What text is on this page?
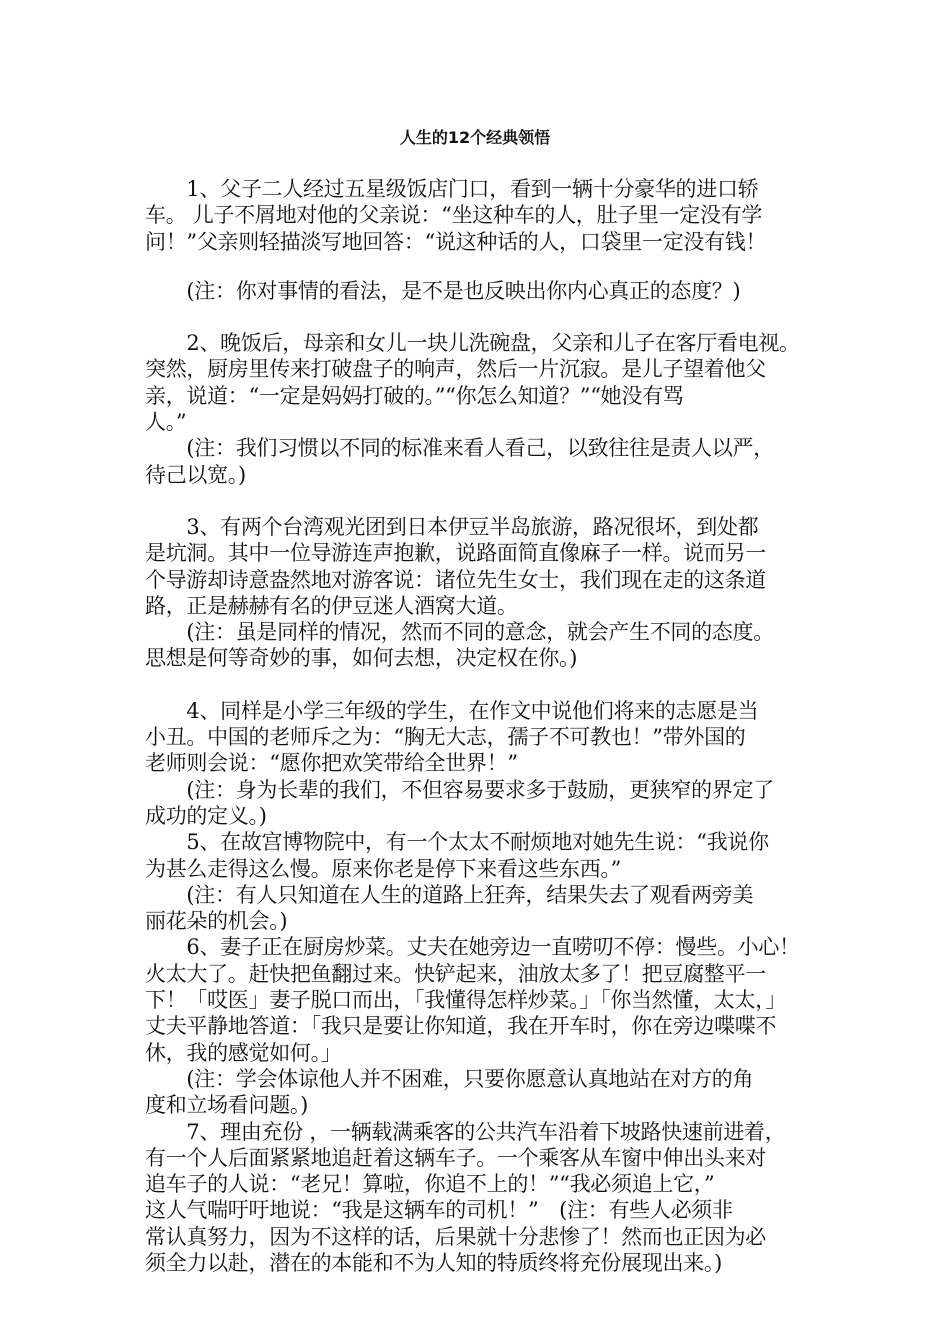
人生的12个经典领悟

　　1、父子二人经过五星级饭店门口，看到一辆十分豪华的进口轿
车。 儿子不屑地对他的父亲说：“坐这种车的人，肚子里一定没有学
问！”父亲则轻描淡写地回答：“说这种话的人，口袋里一定没有钱！

　　(注：你对事情的看法，是不是也反映出你内心真正的态度？)

　　2、晚饭后，母亲和女儿一块儿洗碗盘，父亲和儿子在客厅看电视。
突然，厨房里传来打破盘子的响声，然后一片沉寂。是儿子望着他父
亲，说道：“一定是妈妈打破的。”“你怎么知道？”“她没有骂
人。”

　　(注：我们习惯以不同的标准来看人看己，以致往往是责人以严，
待己以宽。)

　　3、有两个台湾观光团到日本伊豆半岛旅游，路况很坏，到处都
是坑洞。其中一位导游连声抱歉，说路面简直像麻子一样。说而另一
个导游却诗意盎然地对游客说：诸位先生女士，我们现在走的这条道
路，正是赫赫有名的伊豆迷人酒窝大道。
　　(注：虽是同样的情况，然而不同的意念，就会产生不同的态度。
思想是何等奇妙的事，如何去想，决定权在你。)

　　4、同样是小学三年级的学生，在作文中说他们将来的志愿是当
小丑。中国的老师斥之为：“胸无大志，孺子不可教也！”带外国的
老师则会说：“愿你把欢笑带给全世界！”
　　(注：身为长辈的我们，不但容易要求多于鼓励，更狭窄的界定了
成功的定义。)
　　5、在故宫博物院中，有一个太太不耐烦地对她先生说：“我说你
为甚么走得这么慢。原来你老是停下来看这些东西。”
　　(注：有人只知道在人生的道路上狂奔，结果失去了观看两旁美
丽花朵的机会。)
　　6、妻子正在厨房炒菜。丈夫在她旁边一直唠叨不停：慢些。小心！
火太大了。赶快把鱼翻过来。快铲起来，油放太多了！把豆腐整平一
下！「哎医」妻子脱口而出，「我懂得怎样炒菜。」「你当然懂，太太，」
丈夫平静地答道：「我只是要让你知道，我在开车时，你在旁边喋喋不
休，我的感觉如何。」
　　(注：学会体谅他人并不困难，只要你愿意认真地站在对方的角
度和立场看问题。)
　　7、理由充份 ，一辆载满乘客的公共汽车沿着下坡路快速前进着，
有一个人后面紧紧地追赶着这辆车子。一个乘客从车窗中伸出头来对
追车子的人说：“老兄！算啦，你追不上的！”“我必须追上它，”
这人气喘吁吁地说：“我是这辆车的司机！”　(注：有些人必须非
常认真努力，因为不这样的话，后果就十分悲惨了！然而也正因为必
须全力以赴，潜在的本能和不为人知的特质终将充份展现出来。)
